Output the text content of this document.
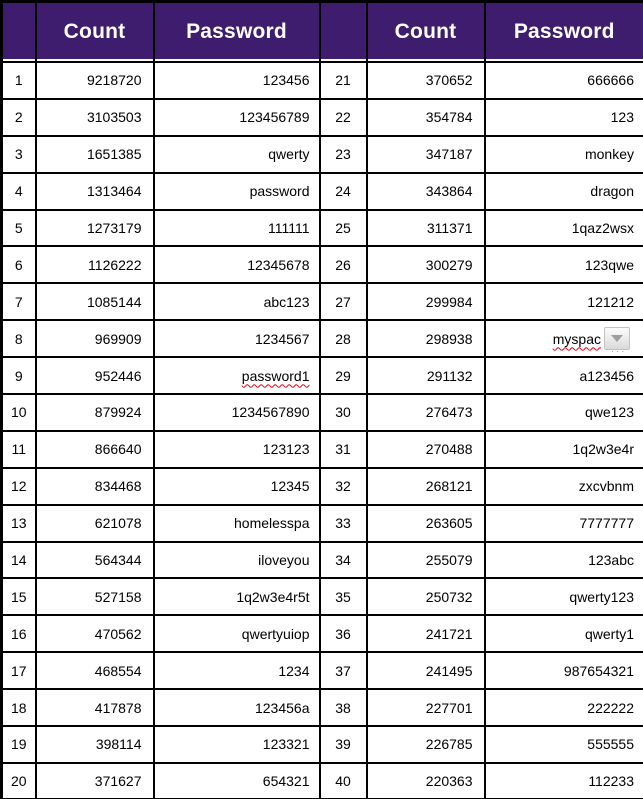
	Count	Password		Count	Password
1	9218720	123456	21	370652	666666
2	3103503	123456789	22	354784	123
3	1651385	qwerty	23	347187	monkey
4	1313464	password	24	343864	dragon
5	1273179	111111	25	311371	1qaz2wsx
6	1126222	12345678	26	300279	123qwe
7	1085144	abc123	27	299984	121212
8	969909	1234567	28	298938	myspac
...

9	952446	password1	29	291132	a123456
10	879924	1234567890	30	276473	qwe123
11	866640	123123	31	270488	1q2w3e4r
12	834468	12345	32	268121	zxcvbnm
13	621078	homelesspa	33	263605	7777777
14	564344	iloveyou	34	255079	123abc
15	527158	1q2w3e4r5t	35	250732	qwerty123
16	470562	qwertyuiop	36	241721	qwerty1
17	468554	1234	37	241495	987654321
18	417878	123456a	38	227701	222222
19	398114	123321	39	226785	555555
20	371627	654321	40	220363	112233
